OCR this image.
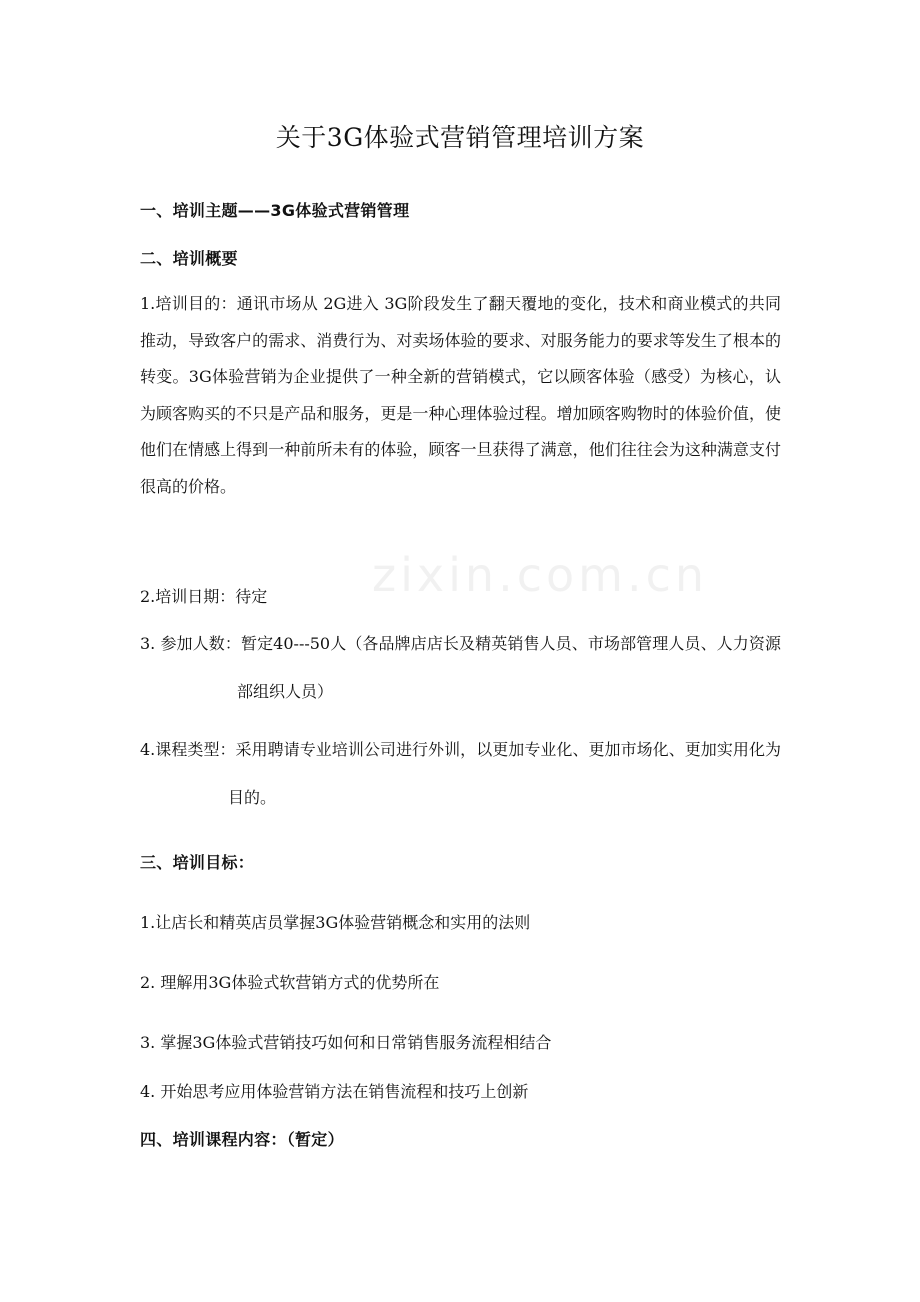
关于3G体验式营销管理培训方案
一、培训主题——3G体验式营销管理
二、培训概要
1.培训目的：通讯市场从 2G进入 3G阶段发生了翻天覆地的变化，技术和商业模式的共同推动，导致客户的需求、消费行为、对卖场体验的要求、对服务能力的要求等发生了根本的转变。3G体验营销为企业提供了一种全新的营销模式，它以顾客体验（感受）为核心，认为顾客购买的不只是产品和服务，更是一种心理体验过程。增加顾客购物时的体验价值，使他们在情感上得到一种前所未有的体验，顾客一旦获得了满意，他们往往会为这种满意支付很高的价格。
2.培训日期：待定
3. 参加人数：暂定40---50人（各品牌店店长及精英销售人员、市场部管理人员、人力资源部组织人员）
4.课程类型：采用聘请专业培训公司进行外训，以更加专业化、更加市场化、更加实用化为目的。
三、培训目标：
1.让店长和精英店员掌握3G体验营销概念和实用的法则
2. 理解用3G体验式软营销方式的优势所在
3. 掌握3G体验式营销技巧如何和日常销售服务流程相结合
4. 开始思考应用体验营销方法在销售流程和技巧上创新
四、培训课程内容：（暂定）
zixin.com.cn
